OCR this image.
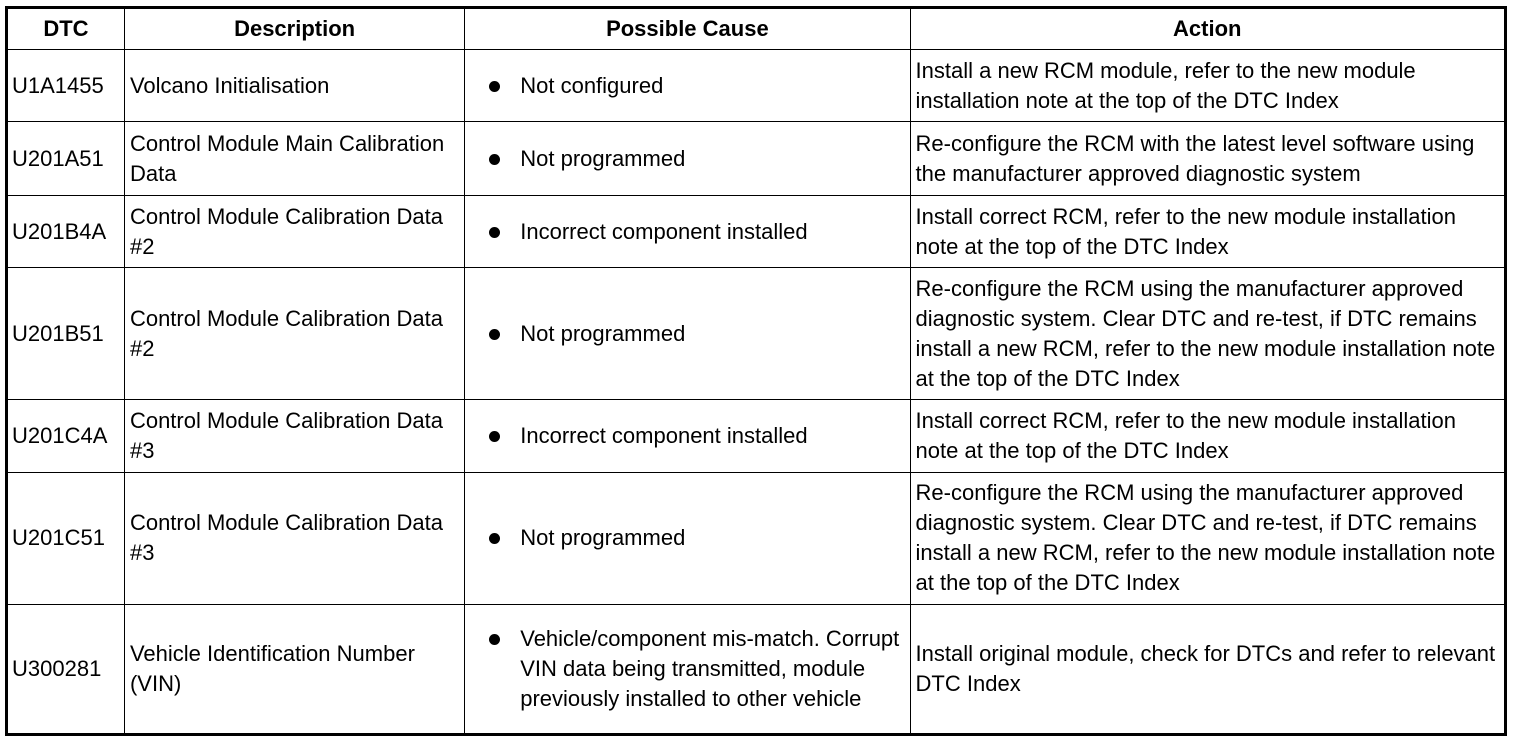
DTC	Description	Possible Cause	Action
U1A1455	Volcano Initialisation	Not configured	Install a new RCM module, refer to the new module installation note at the top of the DTC Index
U201A51	Control Module Main Calibration Data	Not programmed	Re-configure the RCM with the latest level software using the manufacturer approved diagnostic system
U201B4A	Control Module Calibration Data #2	Incorrect component installed	Install correct RCM, refer to the new module installation note at the top of the DTC Index
U201B51	Control Module Calibration Data #2	Not programmed	Re-configure the RCM using the manufacturer approved diagnostic system. Clear DTC and re-test, if DTC remains install a new RCM, refer to the new module installation note at the top of the DTC Index
U201C4A	Control Module Calibration Data #3	Incorrect component installed	Install correct RCM, refer to the new module installation note at the top of the DTC Index
U201C51	Control Module Calibration Data #3	Not programmed	Re-configure the RCM using the manufacturer approved diagnostic system. Clear DTC and re-test, if DTC remains install a new RCM, refer to the new module installation note at the top of the DTC Index
U300281	Vehicle Identification Number (VIN)	Vehicle/component mis-match. Corrupt VIN data being transmitted, module previously installed to other vehicle	Install original module, check for DTCs and refer to relevant DTC Index
